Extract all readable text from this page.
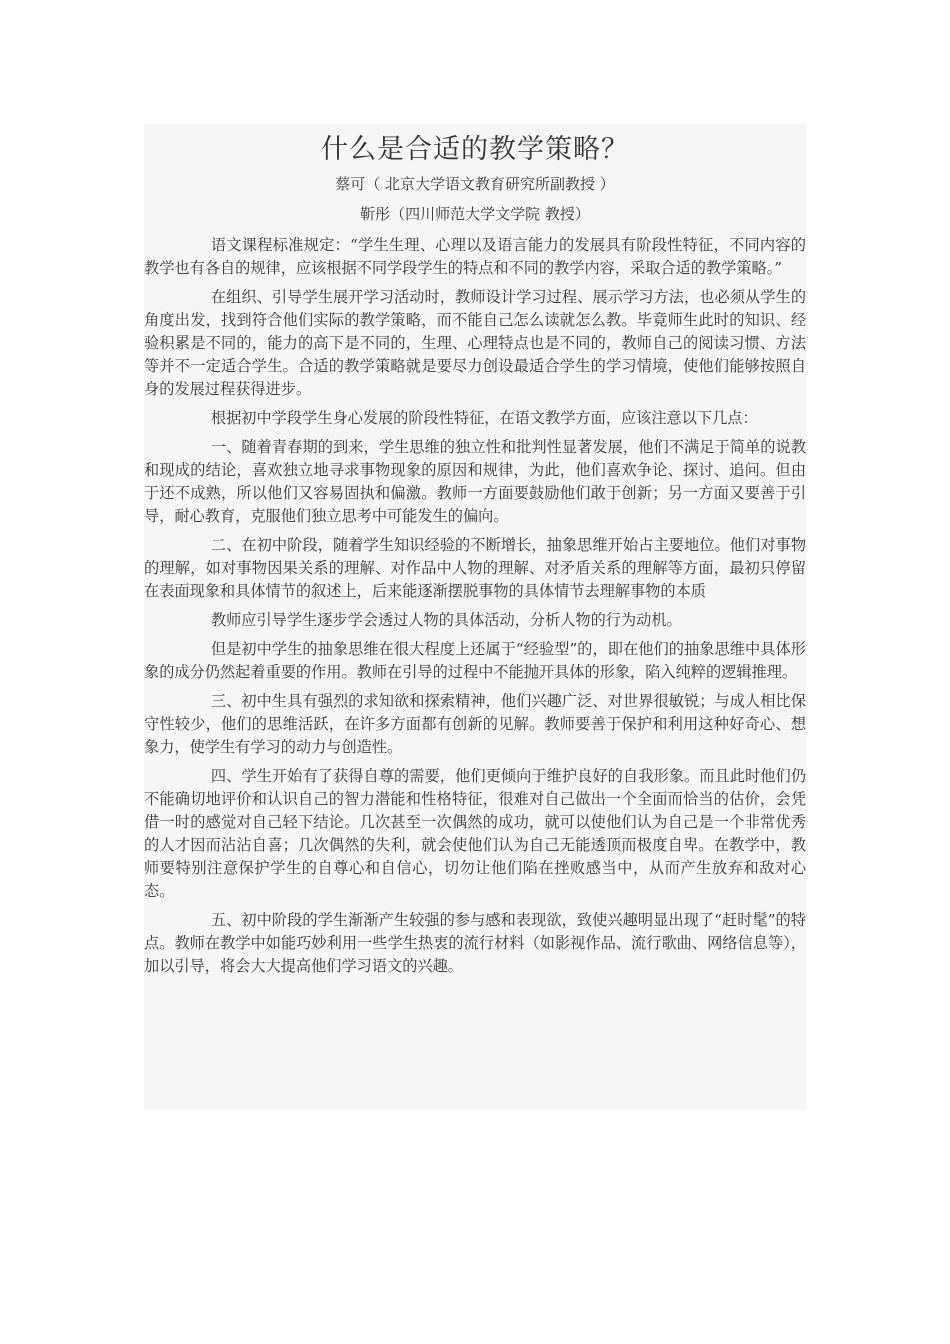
什么是合适的教学策略？
蔡可（ 北京大学语文教育研究所副教授 ）
靳彤（四川师范大学文学院 教授）

语文课程标准规定：“学生生理、心理以及语言能力的发展具有阶段性特征，不同内容的教学也有各自的规律，应该根据不同学段学生的特点和不同的教学内容，采取合适的教学策略。”

在组织、引导学生展开学习活动时，教师设计学习过程、展示学习方法，也必须从学生的角度出发，找到符合他们实际的教学策略，而不能自己怎么读就怎么教。毕竟师生此时的知识、经验积累是不同的，能力的高下是不同的，生理、心理特点也是不同的，教师自己的阅读习惯、方法等并不一定适合学生。合适的教学策略就是要尽力创设最适合学生的学习情境，使他们能够按照自身的发展过程获得进步。

根据初中学段学生身心发展的阶段性特征，在语文教学方面，应该注意以下几点：

一、随着青春期的到来，学生思维的独立性和批判性显著发展，他们不满足于简单的说教和现成的结论，喜欢独立地寻求事物现象的原因和规律，为此，他们喜欢争论、探讨、追问。但由于还不成熟，所以他们又容易固执和偏激。教师一方面要鼓励他们敢于创新；另一方面又要善于引导，耐心教育，克服他们独立思考中可能发生的偏向。

二、在初中阶段，随着学生知识经验的不断增长，抽象思维开始占主要地位。他们对事物的理解，如对事物因果关系的理解、对作品中人物的理解、对矛盾关系的理解等方面，最初只停留在表面现象和具体情节的叙述上，后来能逐渐摆脱事物的具体情节去理解事物的本质

教师应引导学生逐步学会透过人物的具体活动，分析人物的行为动机。

但是初中学生的抽象思维在很大程度上还属于“经验型”的，即在他们的抽象思维中具体形象的成分仍然起着重要的作用。教师在引导的过程中不能抛开具体的形象，陷入纯粹的逻辑推理。

三、初中生具有强烈的求知欲和探索精神，他们兴趣广泛、对世界很敏锐；与成人相比保守性较少，他们的思维活跃，在许多方面都有创新的见解。教师要善于保护和利用这种好奇心、想象力，使学生有学习的动力与创造性。

四、学生开始有了获得自尊的需要，他们更倾向于维护良好的自我形象。而且此时他们仍不能确切地评价和认识自己的智力潜能和性格特征，很难对自己做出一个全面而恰当的估价，会凭借一时的感觉对自己轻下结论。几次甚至一次偶然的成功，就可以使他们认为自己是一个非常优秀的人才因而沾沾自喜；几次偶然的失利，就会使他们认为自己无能透顶而极度自卑。在教学中，教师要特别注意保护学生的自尊心和自信心，切勿让他们陷在挫败感当中，从而产生放弃和敌对心态。

五、初中阶段的学生渐渐产生较强的参与感和表现欲，致使兴趣明显出现了“赶时髦”的特点。教师在教学中如能巧妙利用一些学生热衷的流行材料（如影视作品、流行歌曲、网络信息等），加以引导，将会大大提高他们学习语文的兴趣。
